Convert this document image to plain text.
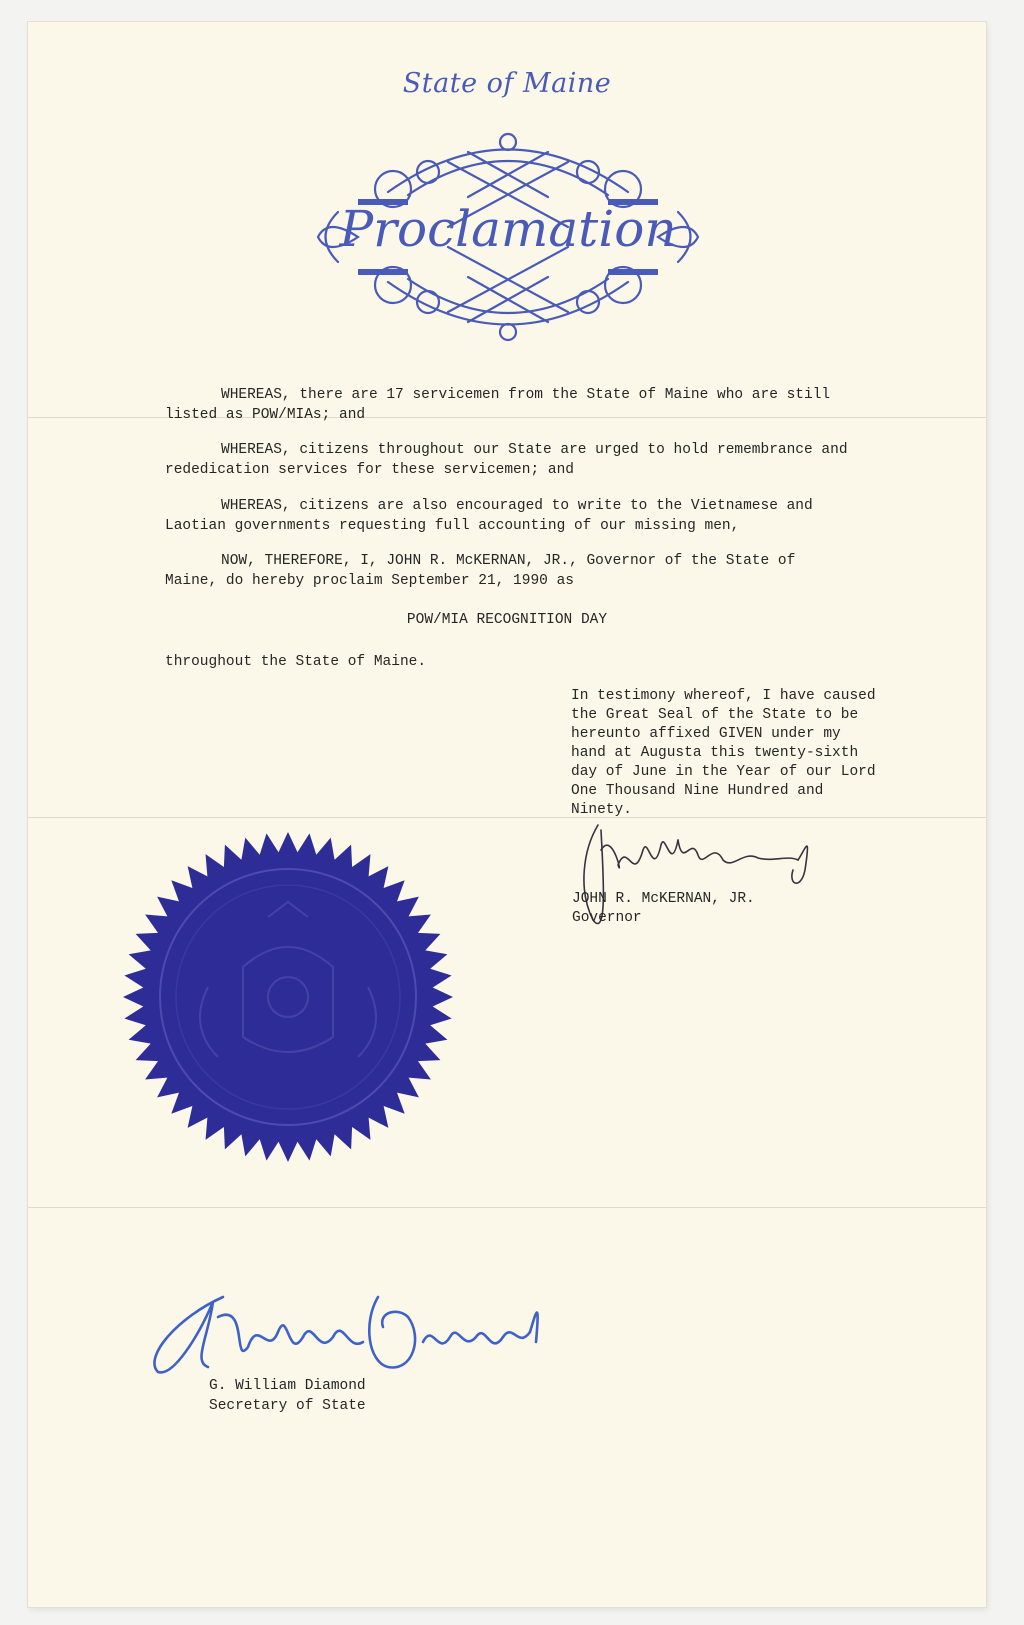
State of Maine
Proclamation
WHEREAS, there are 17 servicemen from the State of Maine who are still
listed as POW/MIAs; and
WHEREAS, citizens throughout our State are urged to hold remembrance and
rededication services for these servicemen; and
WHEREAS, citizens are also encouraged to write to the Vietnamese and
Laotian governments requesting full accounting of our missing men,
NOW, THEREFORE, I, JOHN R. McKERNAN, JR., Governor of the State of
Maine, do hereby proclaim September 21, 1990 as
POW/MIA RECOGNITION DAY
throughout the State of Maine.
In testimony whereof, I have caused
the Great Seal of the State to be
hereunto affixed GIVEN under my
hand at Augusta this twenty-sixth
day of June in the Year of our Lord
One Thousand Nine Hundred and
Ninety.
JOHN R. McKERNAN, JR.
Governor
G. William Diamond
Secretary of State
